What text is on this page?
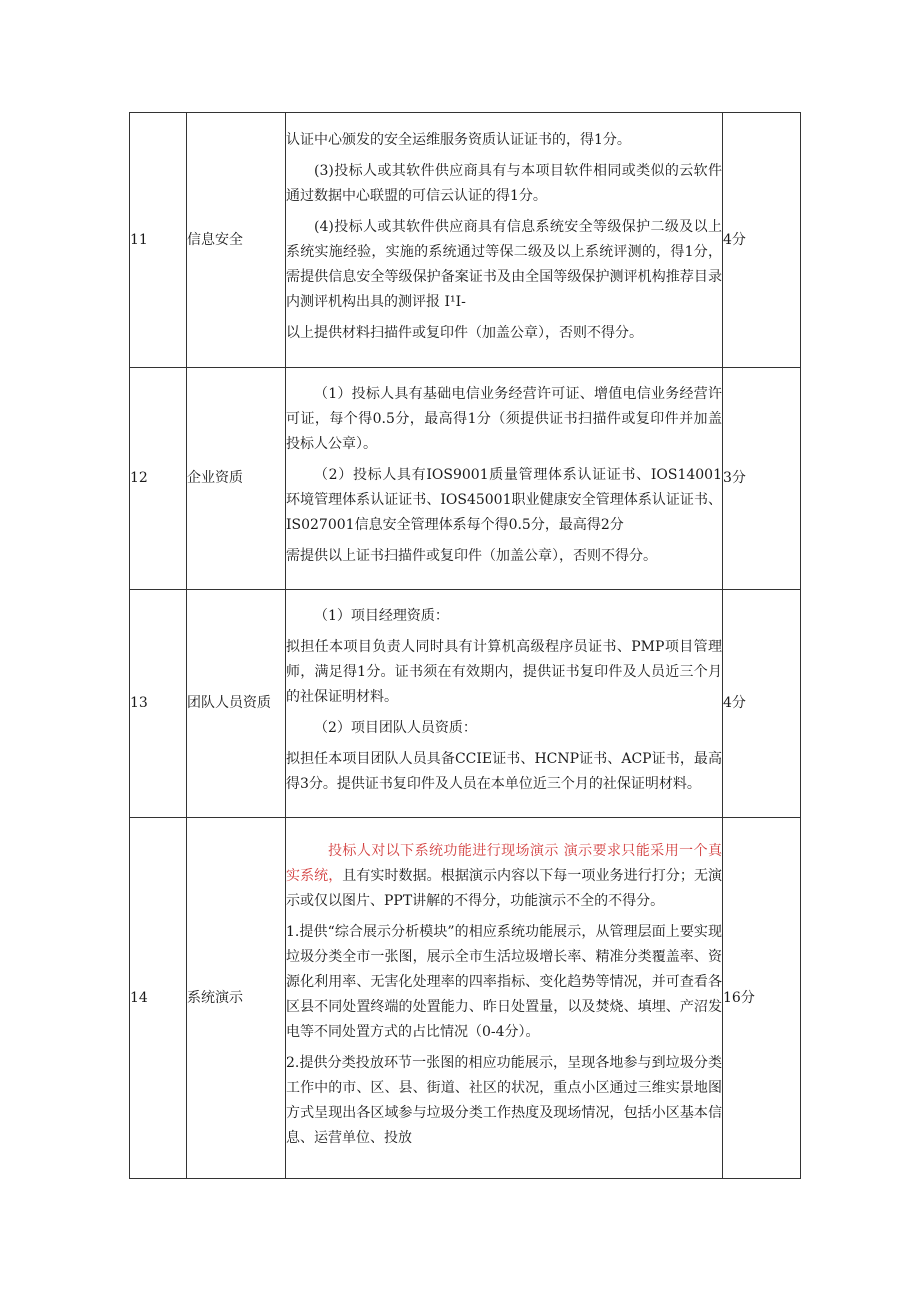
11	信息安全	认证中心颁发的安全运维服务资质认证证书的，得1分。

(3)投标人或其软件供应商具有与本项目软件相同或类似的云软件通过数据中心联盟的可信云认证的得1分。

(4)投标人或其软件供应商具有信息系统安全等级保护二级及以上系统实施经验，实施的系统通过等保二级及以上系统评测的，得1分，需提供信息安全等级保护备案证书及由全国等级保护测评机构推荐目录内测评机构出具的测评报 I¹I-

以上提供材料扫描件或复印件（加盖公章），否则不得分。	4分
12	企业资质	（1）投标人具有基础电信业务经营许可证、增值电信业务经营许可证，每个得0.5分，最高得1分（须提供证书扫描件或复印件并加盖投标人公章）。

（2）投标人具有IOS9001质量管理体系认证证书、IOS14001环境管理体系认证证书、IOS45001职业健康安全管理体系认证证书、IS027001信息安全管理体系每个得0.5分，最高得2分

需提供以上证书扫描件或复印件（加盖公章），否则不得分。	3分
13	团队人员资质	（1）项目经理资质：

拟担任本项目负责人同时具有计算机高级程序员证书、PMP项目管理师，满足得1分。证书须在有效期内，提供证书复印件及人员近三个月的社保证明材料。

（2）项目团队人员资质：

拟担任本项目团队人员具备CCIE证书、HCNP证书、ACP证书，最高得3分。提供证书复印件及人员在本单位近三个月的社保证明材料。	4分
14	系统演示	投标人对以下系统功能进行现场演示 演示要求只能采用一个真实系统，且有实时数据。根据演示内容以下每一项业务进行打分；无演示或仅以图片、PPT讲解的不得分，功能演示不全的不得分。

1.提供“综合展示分析模块”的相应系统功能展示，从管理层面上要实现垃圾分类全市一张图，展示全市生活垃圾增长率、精准分类覆盖率、资源化利用率、无害化处理率的四率指标、变化趋势等情况，并可查看各区县不同处置终端的处置能力、昨日处置量，以及焚烧、填埋、产沼发电等不同处置方式的占比情况（0-4分）。

2.提供分类投放环节一张图的相应功能展示，呈现各地参与到垃圾分类工作中的市、区、县、街道、社区的状况，重点小区通过三维实景地图方式呈现出各区域参与垃圾分类工作热度及现场情况，包括小区基本信息、运营单位、投放	16分
